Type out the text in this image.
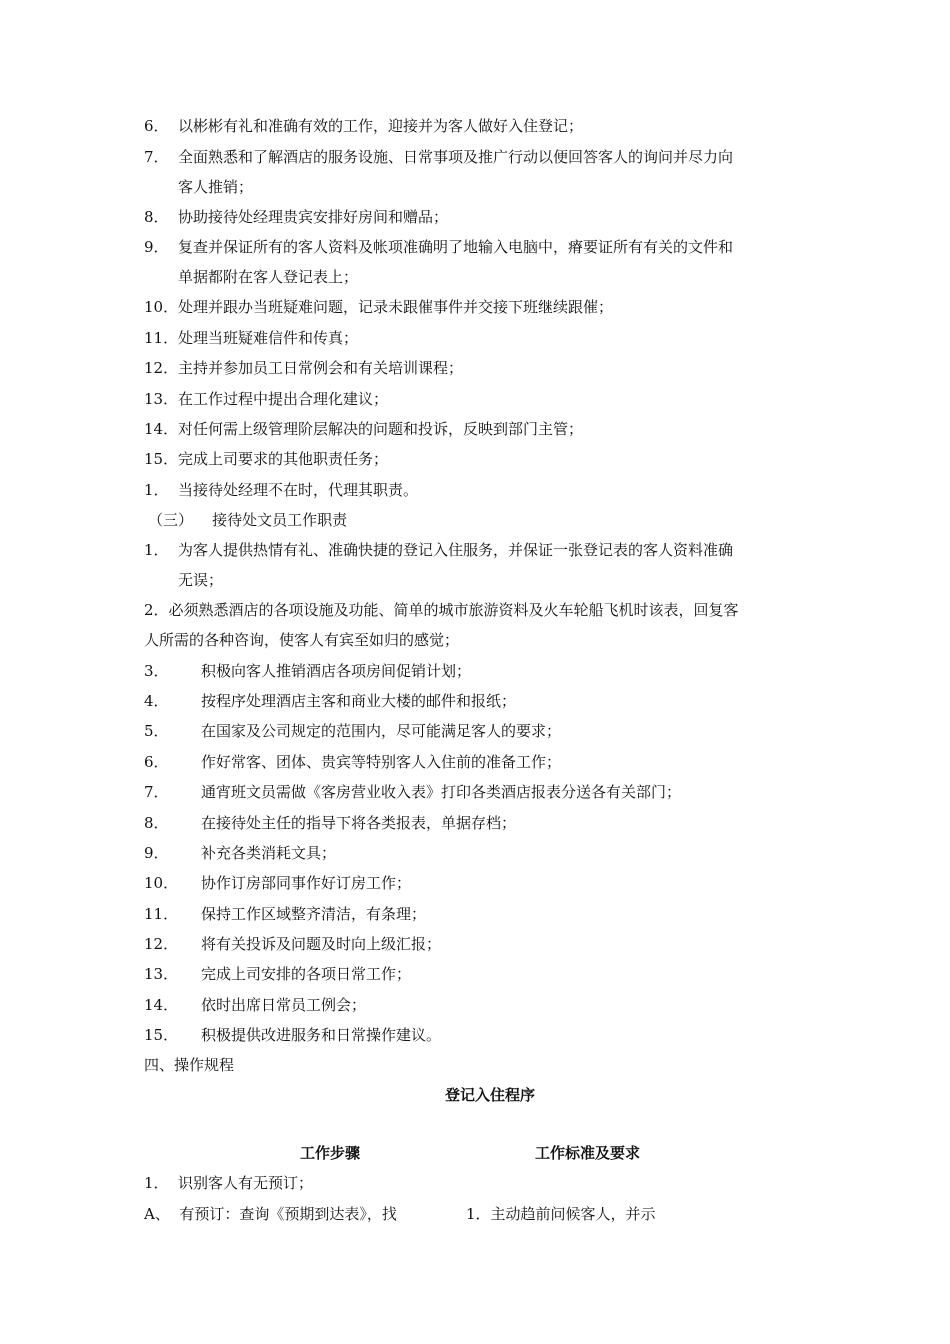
6． 以彬彬有礼和准确有效的工作，迎接并为客人做好入住登记；
7． 全面熟悉和了解酒店的服务设施、日常事项及推广行动以便回答客人的询问并尽力向
客人推销；
8． 协助接待处经理贵宾安排好房间和赠品；
9． 复查并保证所有的客人资料及帐项准确明了地输入电脑中，瘠要证所有有关的文件和
单据都附在客人登记表上；
10．处理并跟办当班疑难问题，记录未跟催事件并交接下班继续跟催；
11．处理当班疑难信件和传真；
12．主持并参加员工日常例会和有关培训课程；
13．在工作过程中提出合理化建议；
14．对任何需上级管理阶层解决的问题和投诉，反映到部门主管；
15．完成上司要求的其他职责任务；
1． 当接待处经理不在时，代理其职责。
（三）    接待处文员工作职责
1． 为客人提供热情有礼、准确快捷的登记入住服务，并保证一张登记表的客人资料准确
无误；
2．必须熟悉酒店的各项设施及功能、简单的城市旅游资料及火车轮船飞机时该表，回复客
人所需的各种咨询，使客人有宾至如归的感觉；
3． 积极向客人推销酒店各项房间促销计划；
4． 按程序处理酒店主客和商业大楼的邮件和报纸；
5． 在国家及公司规定的范围内，尽可能满足客人的要求；
6． 作好常客、团体、贵宾等特别客人入住前的准备工作；
7． 通宵班文员需做《客房营业收入表》打印各类酒店报表分送各有关部门；
8． 在接待处主任的指导下将各类报表，单据存档；
9． 补充各类消耗文具；
10． 协作订房部同事作好订房工作；
11． 保持工作区域整齐清洁，有条理；
12． 将有关投诉及问题及时向上级汇报；
13． 完成上司安排的各项日常工作；
14． 依时出席日常员工例会；
15． 积极提供改进服务和日常操作建议。
四、操作规程
登记入住程序
工作步骤	工作标准及要求
1． 识别客人有无预订；
A、  有预订：查询《预期到达表》，找	1．主动趋前问候客人，并示
